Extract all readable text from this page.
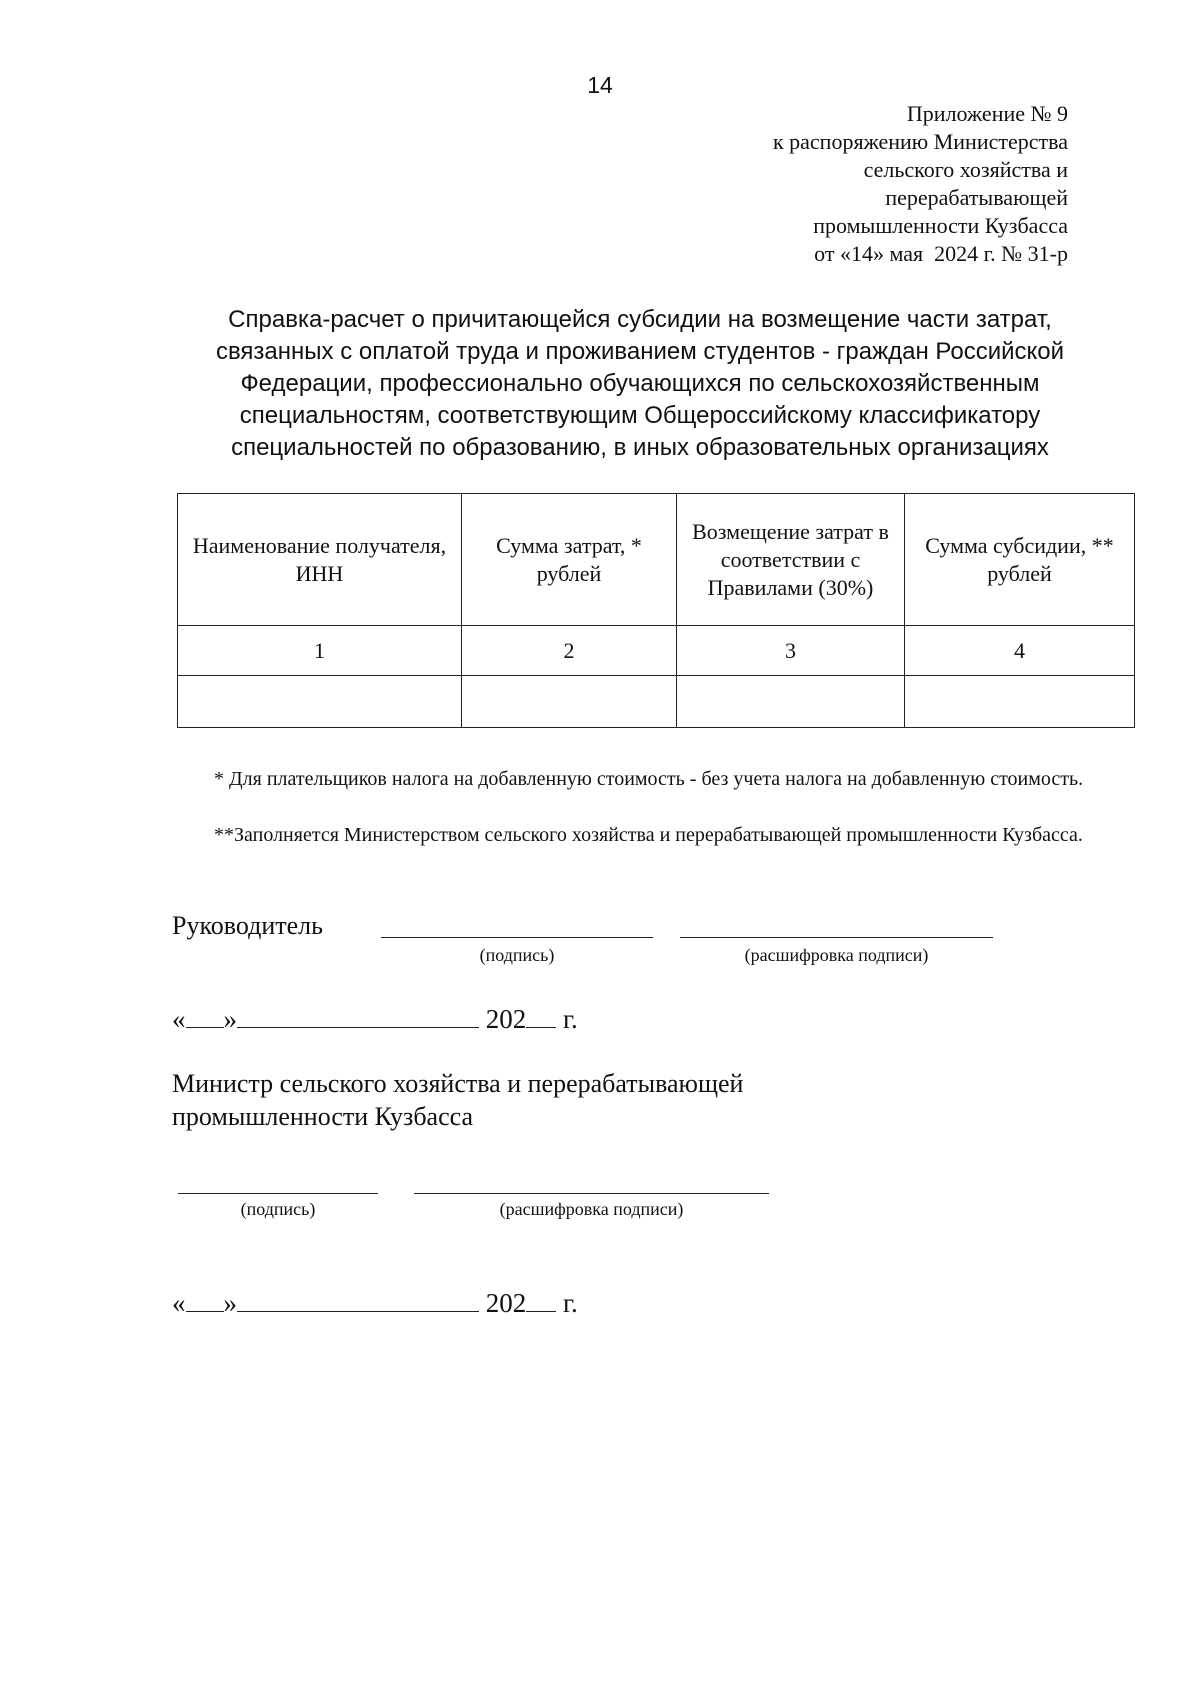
14
Приложение № 9
к распоряжению Министерства
сельского хозяйства и
перерабатывающей
промышленности Кузбасса
от «14» мая  2024 г. № 31-р
Справка-расчет о причитающейся субсидии на возмещение части затрат, связанных с оплатой труда и проживанием студентов - граждан Российской Федерации, профессионально обучающихся по сельскохозяйственным специальностям, соответствующим Общероссийскому классификатору специальностей по образованию, в иных образовательных организациях
Наименование получателя, ИНН	Сумма затрат, * рублей	Возмещение затрат в соответствии с Правилами (30%)	Сумма субсидии, ** рублей
1	2	3	4

* Для плательщиков налога на добавленную стоимость - без учета налога на добавленную стоимость.
**Заполняется Министерством сельского хозяйства и перерабатывающей промышленности Кузбасса.
Руководитель
(подпись)	(расшифровка подписи)
« »	202 г.
Министр сельского хозяйства и перерабатывающей
промышленности Кузбасса
(подпись)	(расшифровка подписи)
« »	202 г.
